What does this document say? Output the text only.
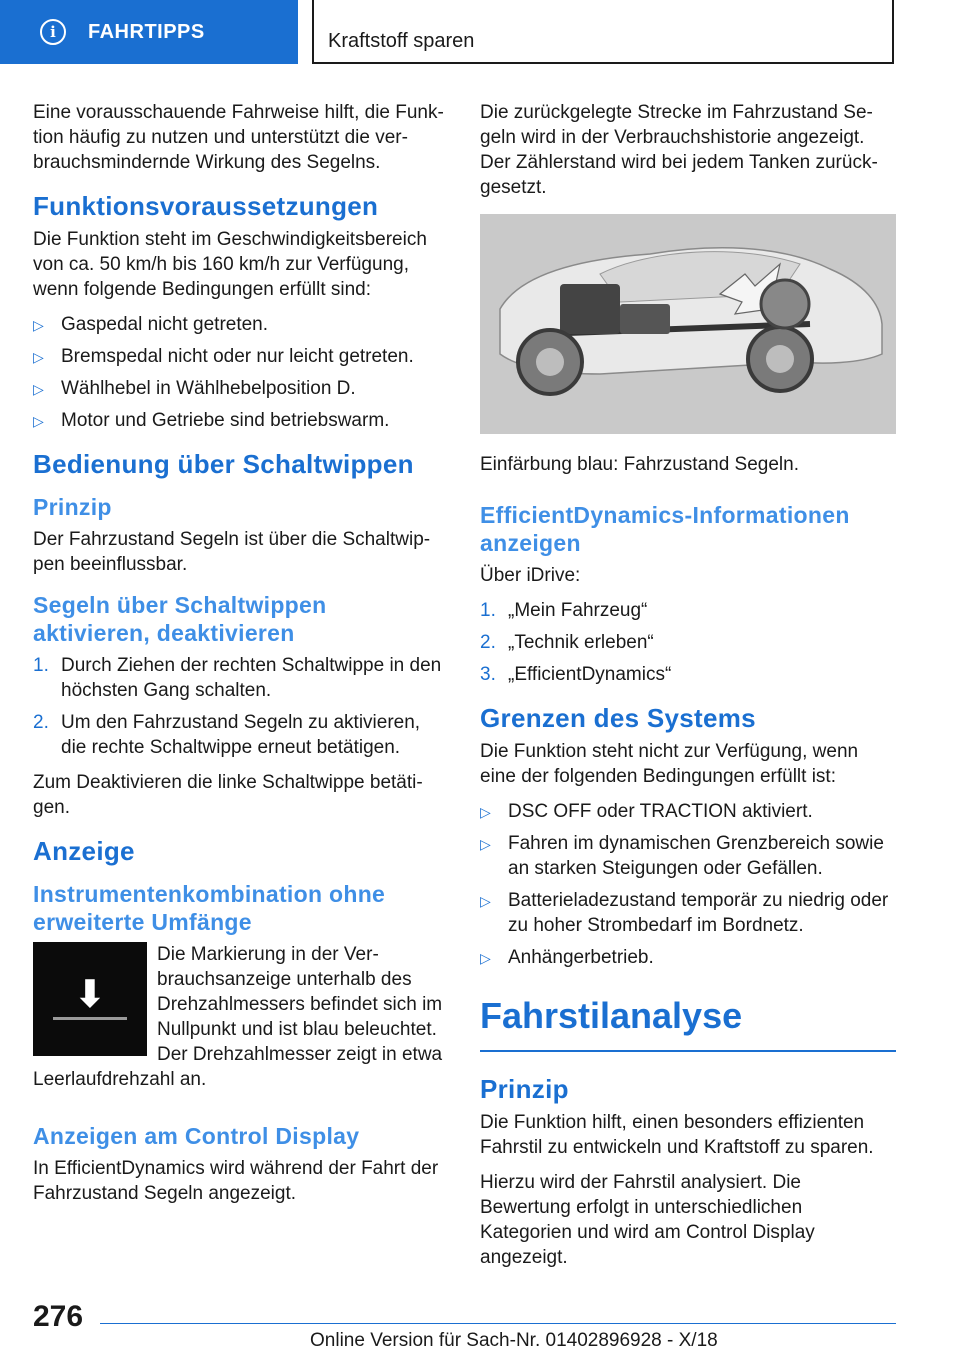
i	FAHRTIPPS	Kraftstoff sparen

Eine vorausschauende Fahrweise hilft, die Funktion häufig zu nutzen und unterstützt die verbrauchsmindernde Wirkung des Segelns.

Funktionsvoraussetzungen

Die Funktion steht im Geschwindigkeitsbereich von ca. 50 km/h bis 160 km/h zur Verfügung, wenn folgende Bedingungen erfüllt sind:

▷ Gaspedal nicht getreten.
▷ Bremspedal nicht oder nur leicht getreten.
▷ Wählhebel in Wählhebelposition D.
▷ Motor und Getriebe sind betriebswarm.
Bedienung über Schaltwippen
Prinzip

Der Fahrzustand Segeln ist über die Schaltwippen beeinflussbar.

Segeln über Schaltwippen aktivieren, deaktivieren
1. Durch Ziehen der rechten Schaltwippe in den höchsten Gang schalten.
2. Um den Fahrzustand Segeln zu aktivieren, die rechte Schaltwippe erneut betätigen.

Zum Deaktivieren die linke Schaltwippe betätigen.

Anzeige
Instrumentenkombination ohne erweiterte Umfänge
⬇

Die Markierung in der Verbrauchsanzeige unterhalb des Drehzahlmessers befindet sich im Nullpunkt und ist blau beleuchtet. Der Drehzahlmesser zeigt in etwa

Leerlaufdrehzahl an.

Anzeigen am Control Display

In EfficientDynamics wird während der Fahrt der Fahrzustand Segeln angezeigt.

Die zurückgelegte Strecke im Fahrzustand Segeln wird in der Verbrauchshistorie angezeigt. Der Zählerstand wird bei jedem Tanken zurückgesetzt.

Einfärbung blau: Fahrzustand Segeln.

EfficientDynamics-Informationen anzeigen

Über iDrive:

1. „Mein Fahrzeug“
2. „Technik erleben“
3. „EfficientDynamics“
Grenzen des Systems

Die Funktion steht nicht zur Verfügung, wenn eine der folgenden Bedingungen erfüllt ist:

▷ DSC OFF oder TRACTION aktiviert.
▷ Fahren im dynamischen Grenzbereich sowie an starken Steigungen oder Gefällen.
▷ Batterieladezustand temporär zu niedrig oder zu hoher Strombedarf im Bordnetz.
▷ Anhängerbetrieb.
Fahrstilanalyse
Prinzip

Die Funktion hilft, einen besonders effizienten Fahrstil zu entwickeln und Kraftstoff zu sparen.

Hierzu wird der Fahrstil analysiert. Die Bewertung erfolgt in unterschiedlichen Kategorien und wird am Control Display angezeigt.

276
Online Version für Sach-Nr. 01402896928 - X/18
